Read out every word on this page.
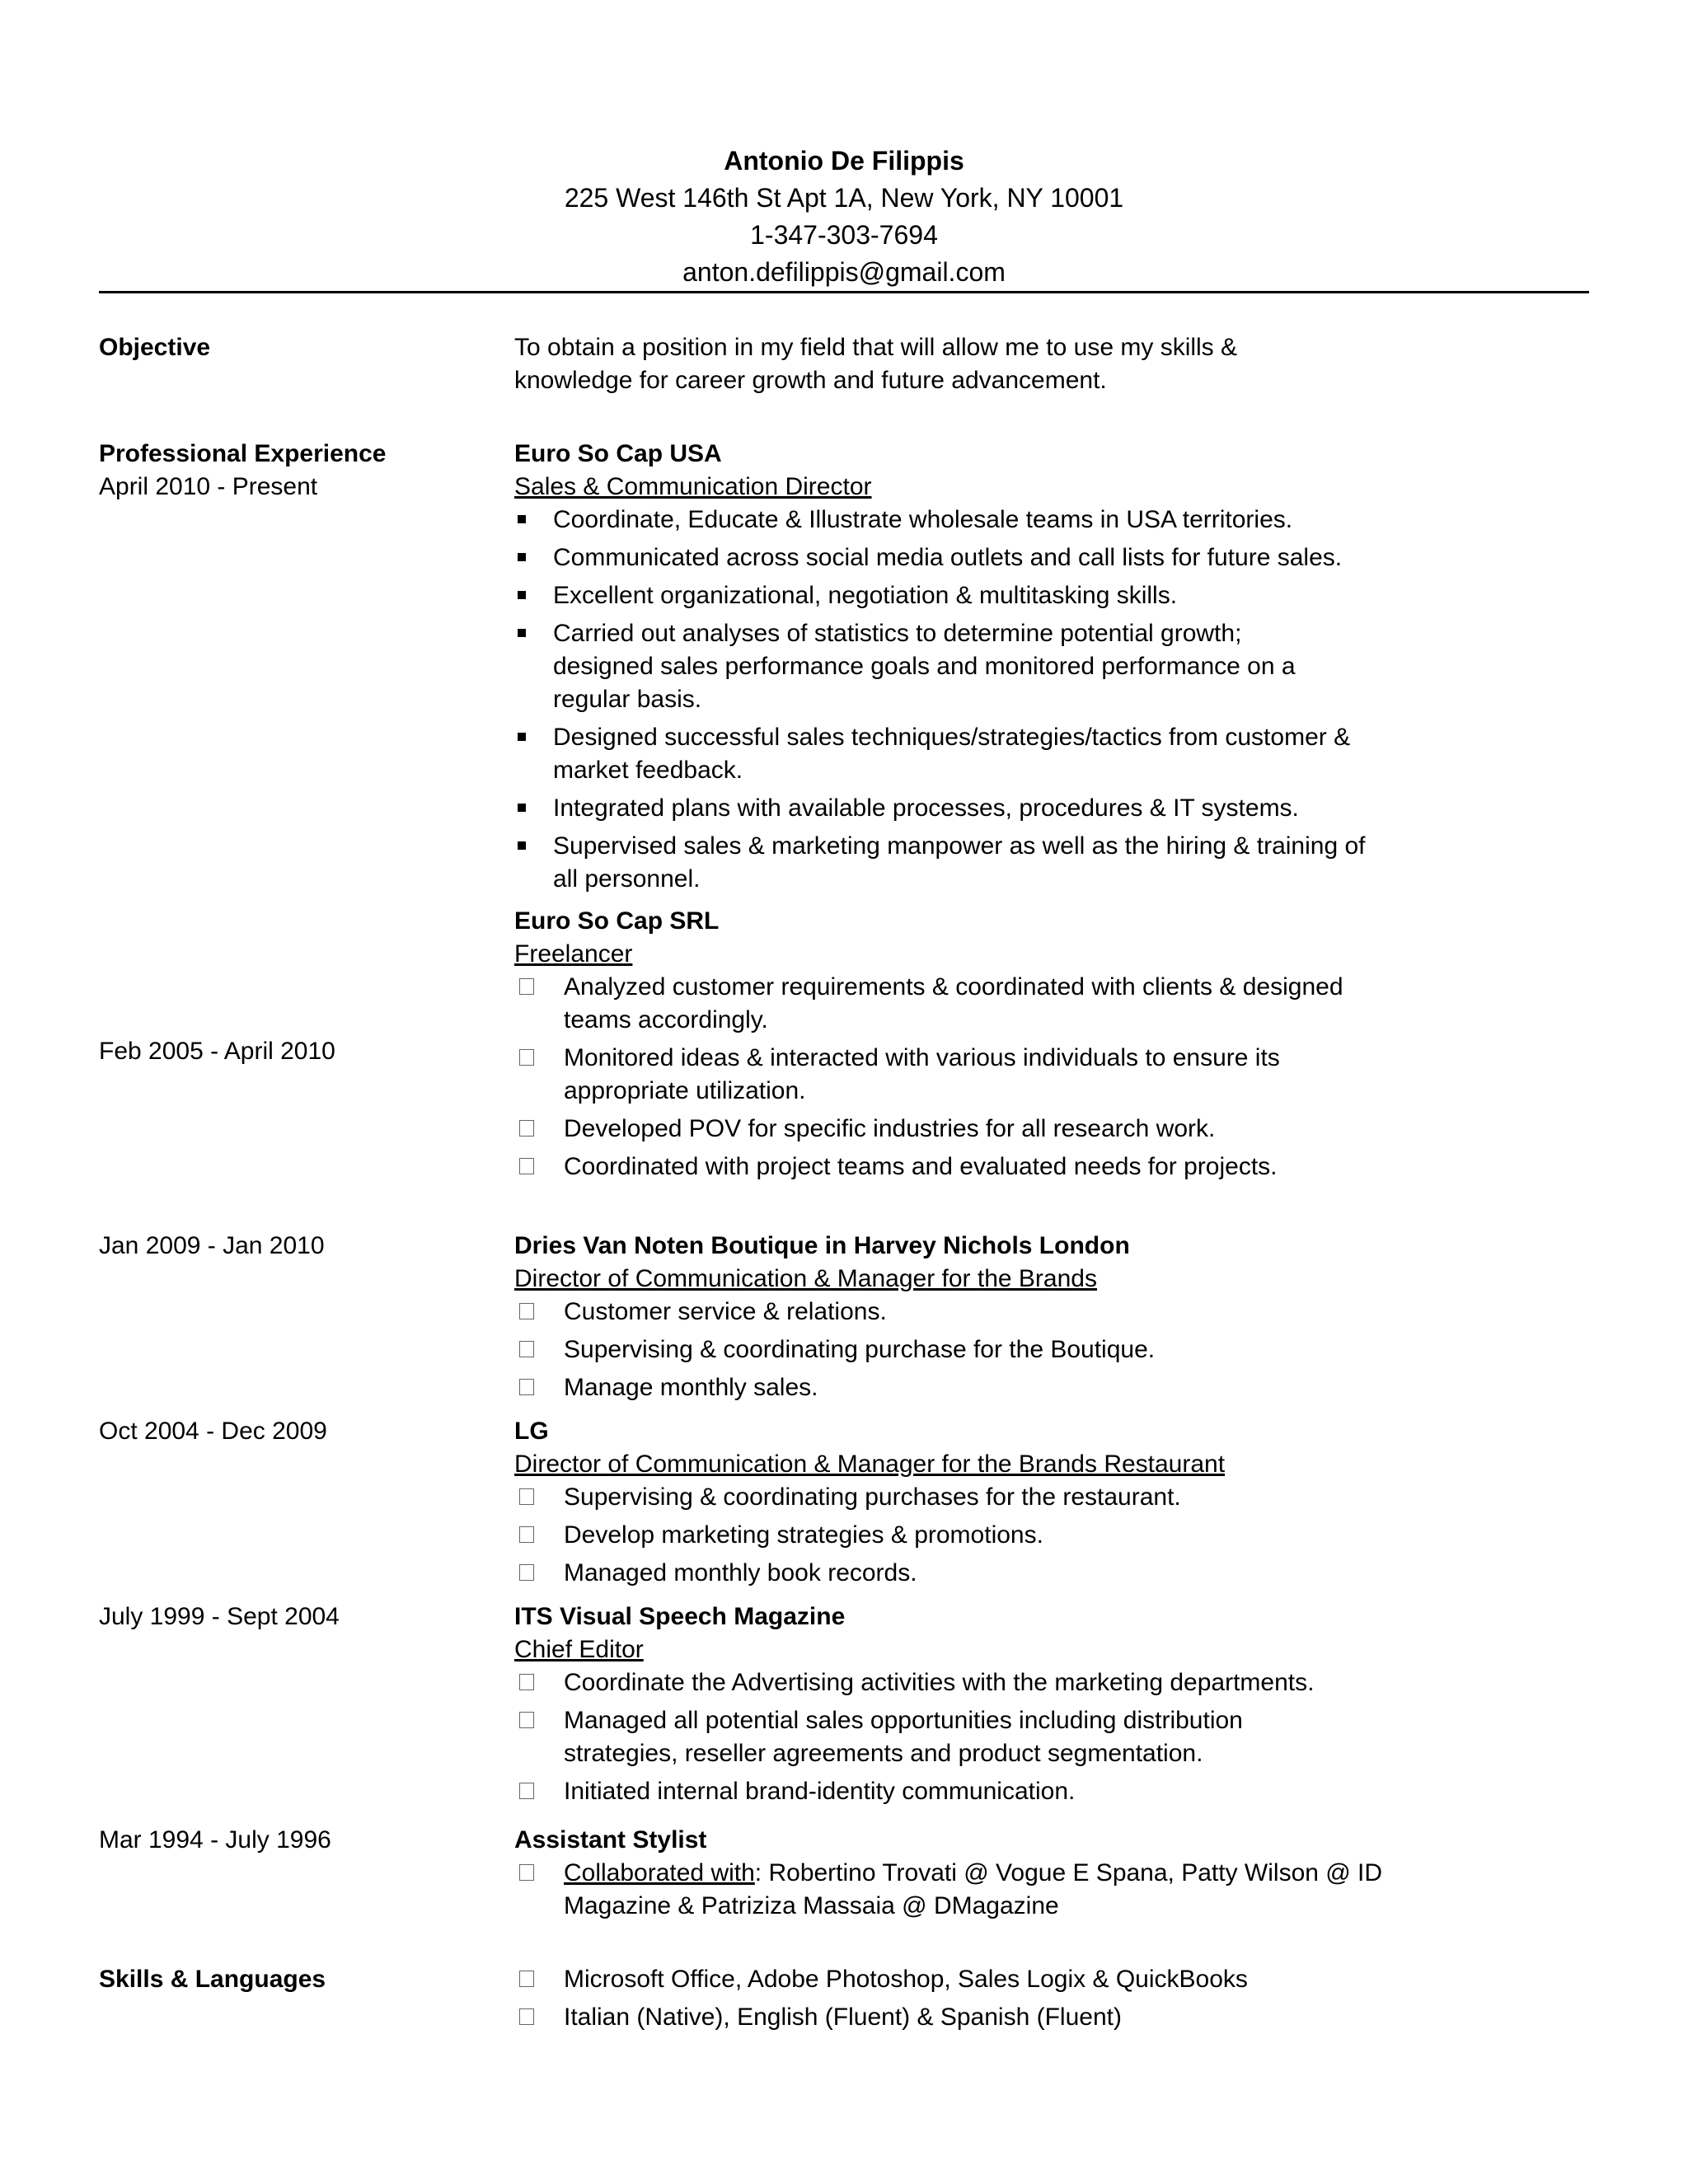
Antonio De Filippis
225 West 146th St Apt 1A, New York, NY 10001
1-347-303-7694
anton.defilippis@gmail.com
Objective
Professional Experience
April 2010 - Present
Feb 2005 - April 2010
Jan 2009 - Jan 2010
Oct 2004 - Dec 2009
July 1999 - Sept 2004
Mar 1994 - July 1996
Skills & Languages
To obtain a position in my field that will allow me to use my skills &
knowledge for career growth and future advancement.
Euro So Cap USA
Sales & Communication Director
Coordinate, Educate & Illustrate wholesale teams in USA territories.
Communicated across social media outlets and call lists for future sales.
Excellent organizational, negotiation & multitasking skills.
Carried out analyses of statistics to determine potential growth; designed sales performance goals and monitored performance on a regular basis.
Designed successful sales techniques/strategies/tactics from customer & market feedback.
Integrated plans with available processes, procedures & IT systems.
Supervised sales & marketing manpower as well as the hiring & training of all personnel.
Euro So Cap SRL
Freelancer
Analyzed customer requirements & coordinated with clients & designed teams accordingly.
Monitored ideas & interacted with various individuals to ensure its appropriate utilization.
Developed POV for specific industries for all research work.
Coordinated with project teams and evaluated needs for projects.
Dries Van Noten Boutique in Harvey Nichols London
Director of Communication & Manager for the Brands
Customer service & relations.
Supervising & coordinating purchase for the Boutique.
Manage monthly sales.
LG
Director of Communication & Manager for the Brands Restaurant
Supervising & coordinating purchases for the restaurant.
Develop marketing strategies & promotions.
Managed monthly book records.
ITS Visual Speech Magazine
Chief Editor
Coordinate the Advertising activities with the marketing departments.
Managed all potential sales opportunities including distribution strategies, reseller agreements and product segmentation.
Initiated internal brand-identity communication.
Assistant Stylist
Collaborated with: Robertino Trovati @ Vogue E Spana, Patty Wilson @ ID Magazine & Patriziza Massaia @ DMagazine
Microsoft Office, Adobe Photoshop, Sales Logix & QuickBooks
Italian (Native), English (Fluent) & Spanish (Fluent)
